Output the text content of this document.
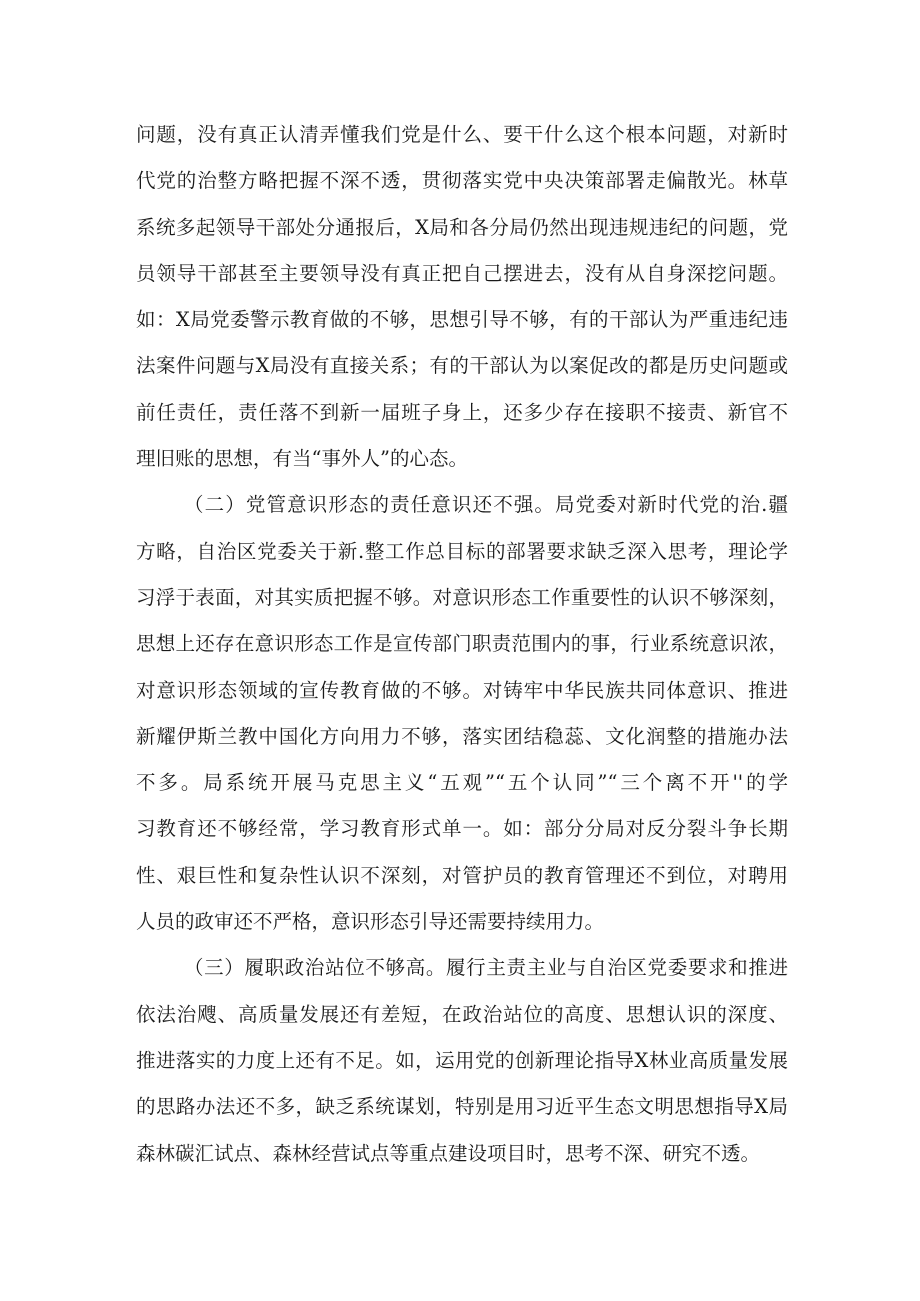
问题，没有真正认清弄懂我们党是什么、要干什么这个根本问题，对新时
代党的治整方略把握不深不透，贯彻落实党中央决策部署走偏散光。林草
系统多起领导干部处分通报后，X局和各分局仍然出现违规违纪的问题，党
员领导干部甚至主要领导没有真正把自己摆进去，没有从自身深挖问题。
如：X局党委警示教育做的不够，思想引导不够，有的干部认为严重违纪违
法案件问题与X局没有直接关系；有的干部认为以案促改的都是历史问题或
前任责任，责任落不到新一届班子身上，还多少存在接职不接责、新官不
理旧账的思想，有当“事外人”的心态。
（二）党管意识形态的责任意识还不强。局党委对新时代党的治.疆
方略，自治区党委关于新.整工作总目标的部署要求缺乏深入思考，理论学
习浮于表面，对其实质把握不够。对意识形态工作重要性的认识不够深刻，
思想上还存在意识形态工作是宣传部门职责范围内的事，行业系统意识浓，
对意识形态领域的宣传教育做的不够。对铸牢中华民族共同体意识、推进
新耀伊斯兰教中国化方向用力不够，落实团结稳蕊、文化润整的措施办法
不多。局系统开展马克思主义“五观”“五个认同”“三个离不开''的学
习教育还不够经常，学习教育形式单一。如：部分分局对反分裂斗争长期
性、艰巨性和复杂性认识不深刻，对管护员的教育管理还不到位，对聘用
人员的政审还不严格，意识形态引导还需要持续用力。
（三）履职政治站位不够高。履行主责主业与自治区党委要求和推进
依法治飕、高质量发展还有差短，在政治站位的高度、思想认识的深度、
推进落实的力度上还有不足。如，运用党的创新理论指导X林业高质量发展
的思路办法还不多，缺乏系统谋划，特别是用习近平生态文明思想指导X局
森林碳汇试点、森林经营试点等重点建设项目时，思考不深、研究不透。
